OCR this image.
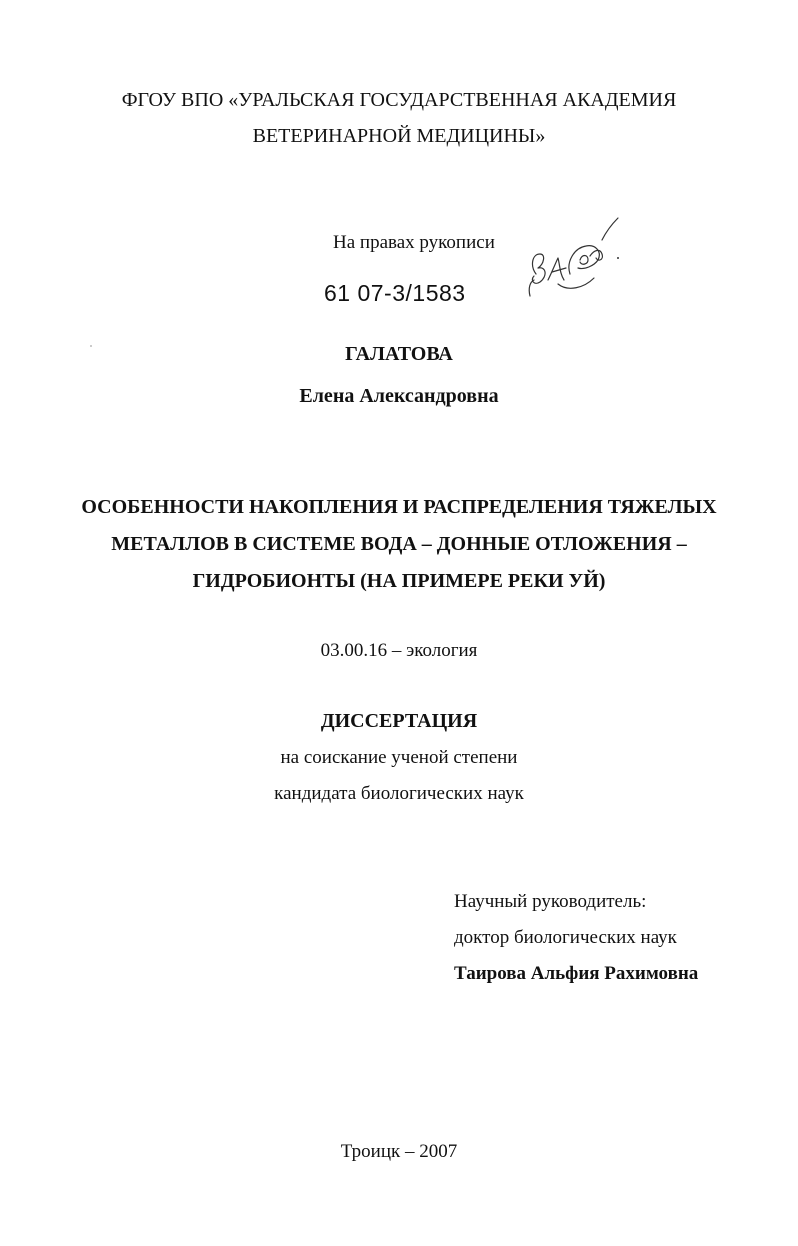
ФГОУ ВПО «УРАЛЬСКАЯ ГОСУДАРСТВЕННАЯ АКАДЕМИЯ
ВЕТЕРИНАРНОЙ МЕДИЦИНЫ»
На правах рукописи
61 07-3/1583
ГАЛАТОВА
Елена Александровна
ОСОБЕННОСТИ НАКОПЛЕНИЯ И РАСПРЕДЕЛЕНИЯ ТЯЖЕЛЫХ
МЕТАЛЛОВ В СИСТЕМЕ ВОДА – ДОННЫЕ ОТЛОЖЕНИЯ –
ГИДРОБИОНТЫ (НА ПРИМЕРЕ РЕКИ УЙ)
03.00.16 – экология
ДИССЕРТАЦИЯ
на соискание ученой степени
кандидата биологических наук
Научный руководитель:
доктор биологических наук
Таирова Альфия Рахимовна
Троицк – 2007
